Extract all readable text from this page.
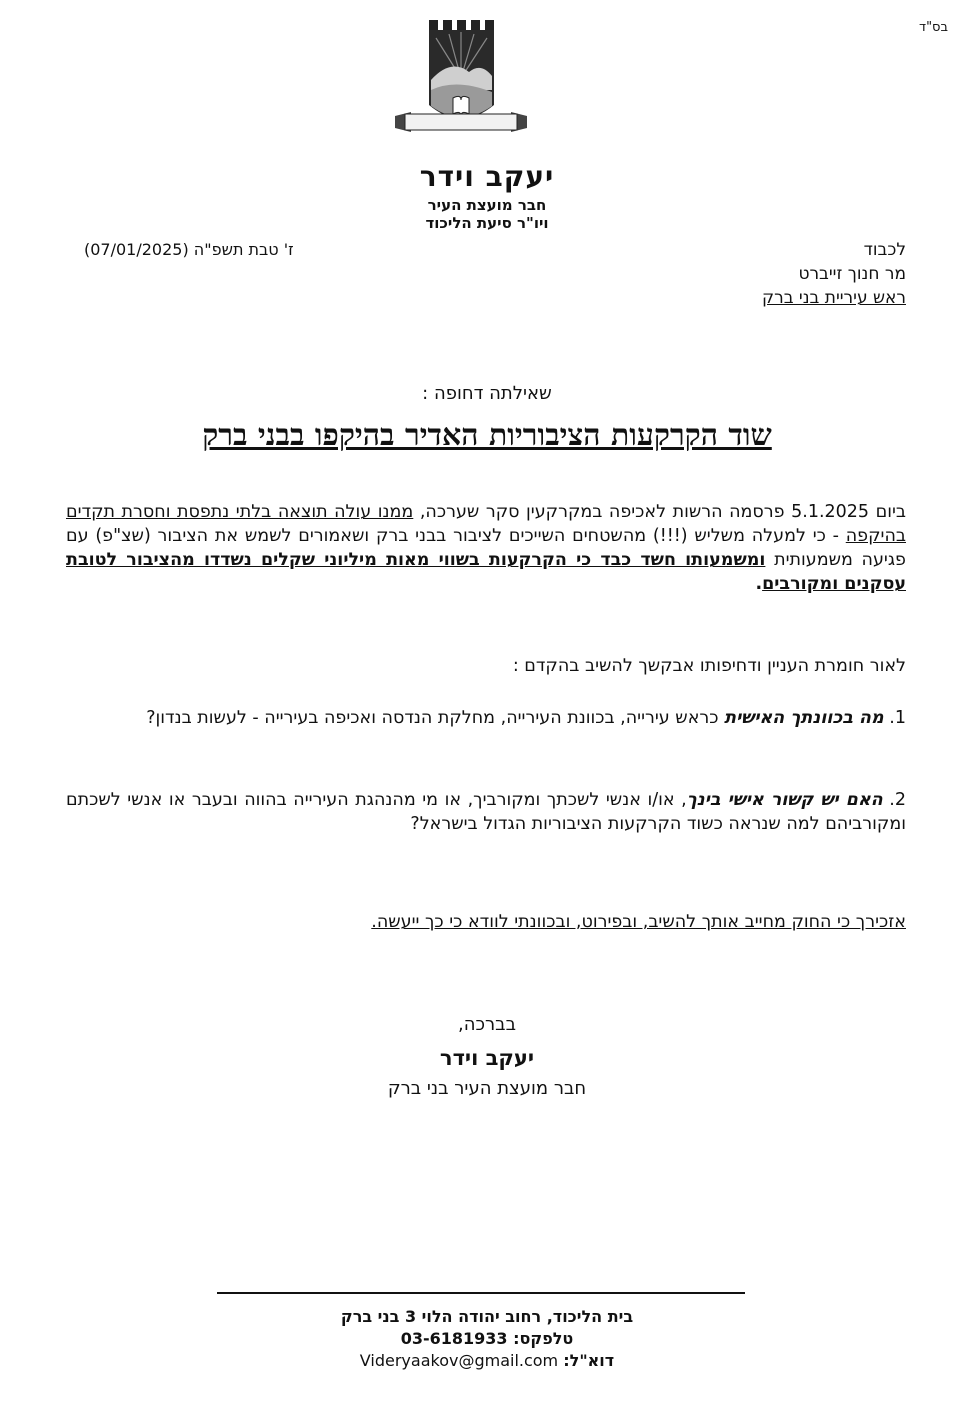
בס"ד
יעקב וידר
חבר מועצת העיר
ויו"ר סיעת הליכוד
ז' טבת תשפ"ה (07/01/2025)	לכבוד
מר חנוך זייברט
ראש עיריית בני ברק
שאילתה דחופה :
שוד הקרקעות הציבוריות האדיר בהיקפו בבני ברק
ביום 5.1.2025 פרסמה הרשות לאכיפה במקרקעין סקר שערכה, ממנו עולה תוצאה בלתי נתפסת וחסרת תקדים בהיקפה - כי למעלה משליש (!!!) מהשטחים השייכים לציבור בבני ברק ושאמורים לשמש את הציבור (שצ"פ) עם פגיעה משמעותית ומשמעותו חשד כבד כי הקרקעות בשווי מאות מיליוני שקלים נשדדו מהציבור לטובת עסקנים ומקורבים.
לאור חומרת העניין ודחיפותו אבקשך להשיב בהקדם :
1. מה בכוונתך האישית כראש עירייה, בכוונת העירייה, מחלקת הנדסה ואכיפה בעירייה - לעשות בנדון?
2. האם יש קשור אישי בינך, או/ו אנשי לשכתך ומקורביך, או מי מהנהגת העירייה בהווה ובעבר או אנשי לשכתם ומקורביהם למה שנראה כשוד הקרקעות הציבוריות הגדול בישראל?
אזכירך כי החוק מחייב אותך להשיב, ובפירוט, ובכוונתי לוודא כי כך ייעשה.
בברכה,
יעקב וידר
חבר מועצת העיר בני ברק
בית הליכוד, רחוב יהודה הלוי 3 בני ברק
טלפקס: 03-6181933
דוא"ל: Videryaakov@gmail.com
